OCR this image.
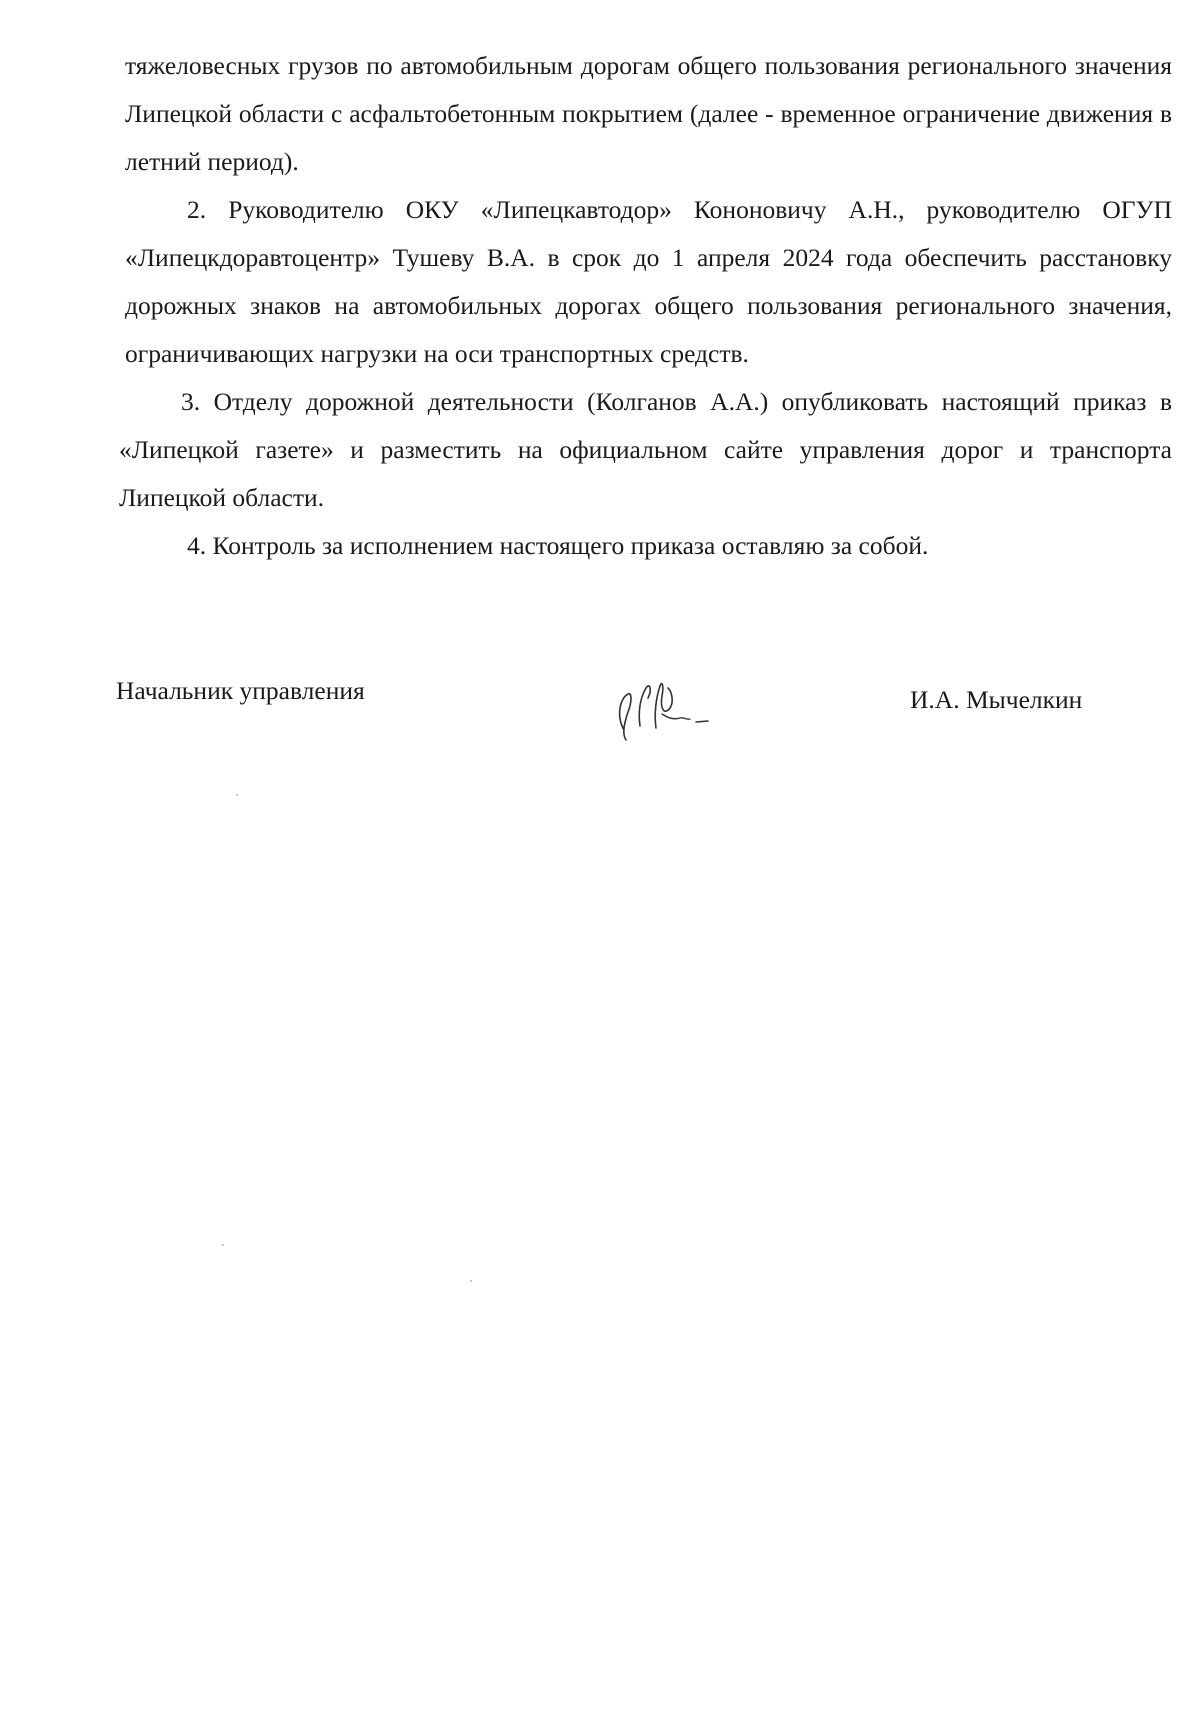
тяжеловесных грузов по автомобильным дорогам общего пользования регионального значения Липецкой области с асфальтобетонным покрытием (далее - временное ограничение движения в летний период).

2. Руководителю ОКУ «Липецкавтодор» Кононовичу А.Н., руководителю ОГУП «Липецкдоравтоцентр» Тушеву В.А. в срок до 1 апреля 2024 года обеспечить расстановку дорожных знаков на автомобильных дорогах общего пользования регионального значения, ограничивающих нагрузки на оси транспортных средств.

3. Отделу дорожной деятельности (Колганов А.А.) опубликовать настоящий приказ в «Липецкой газете» и разместить на официальном сайте управления дорог и транспорта Липецкой области.

4. Контроль за исполнением настоящего приказа оставляю за собой.

Начальник управления	И.А. Мычелкин
